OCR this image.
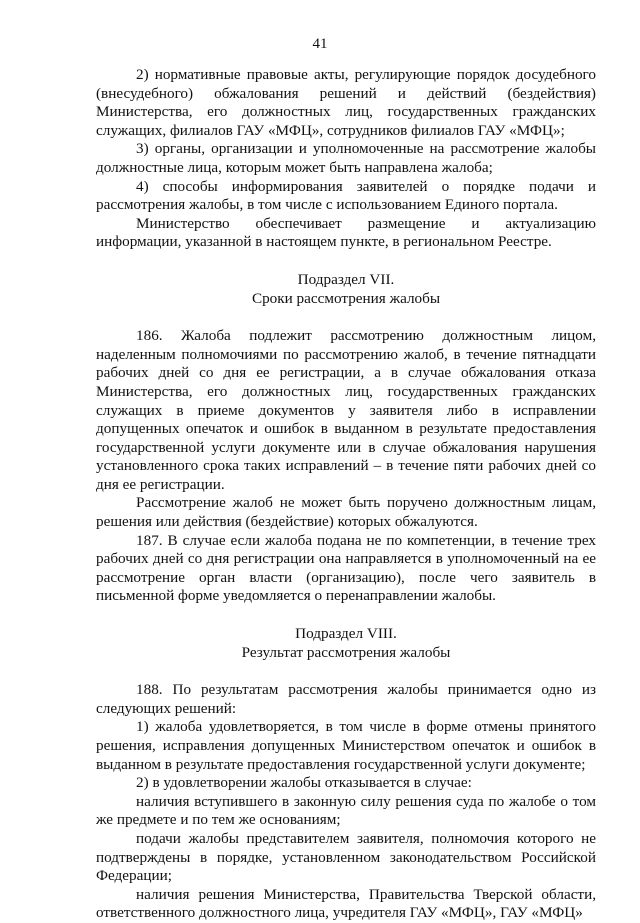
41

2) нормативные правовые акты, регулирующие порядок досудебного (внесудебного) обжалования решений и действий (бездействия) Министерства, его должностных лиц, государственных гражданских служащих, филиалов ГАУ «МФЦ», сотрудников филиалов ГАУ «МФЦ»;

3) органы, организации и уполномоченные на рассмотрение жалобы должностные лица, которым может быть направлена жалоба;

4) способы информирования заявителей о порядке подачи и рассмотрения жалобы, в том числе с использованием Единого портала.

Министерство обеспечивает размещение и актуализацию информации, указанной в настоящем пункте, в региональном Реестре.

Подраздел VII.

Сроки рассмотрения жалобы

186. Жалоба подлежит рассмотрению должностным лицом, наделенным полномочиями по рассмотрению жалоб, в течение пятнадцати рабочих дней со дня ее регистрации, а в случае обжалования отказа Министерства, его должностных лиц, государственных гражданских служащих в приеме документов у заявителя либо в исправлении допущенных опечаток и ошибок в выданном в результате предоставления государственной услуги документе или в случае обжалования нарушения установленного срока таких исправлений – в течение пяти рабочих дней со дня ее регистрации.

Рассмотрение жалоб не может быть поручено должностным лицам, решения или действия (бездействие) которых обжалуются.

187. В случае если жалоба подана не по компетенции, в течение трех рабочих дней со дня регистрации она направляется в уполномоченный на ее рассмотрение орган власти (организацию), после чего заявитель в письменной форме уведомляется о перенаправлении жалобы.

Подраздел VIII.

Результат рассмотрения жалобы

188. По результатам рассмотрения жалобы принимается одно из следующих решений:

1) жалоба удовлетворяется, в том числе в форме отмены принятого решения, исправления допущенных Министерством опечаток и ошибок в выданном в результате предоставления государственной услуги документе;

2) в удовлетворении жалобы отказывается в случае:

наличия вступившего в законную силу решения суда по жалобе о том же предмете и по тем же основаниям;

подачи жалобы представителем заявителя, полномочия которого не подтверждены в порядке, установленном законодательством Российской Федерации;

наличия решения Министерства, Правительства Тверской области, ответственного должностного лица, учредителя ГАУ «МФЦ», ГАУ «МФЦ»
